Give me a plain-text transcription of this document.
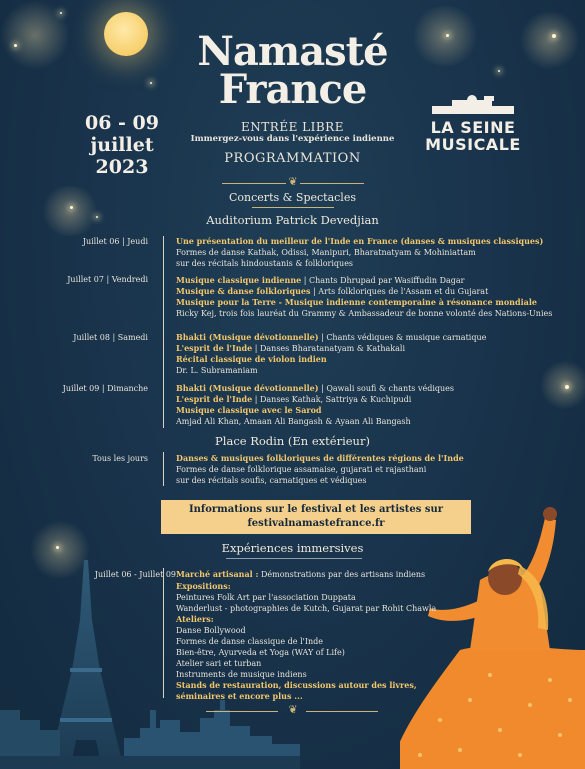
Namasté
France
06 - 09
juillet 2023
ENTRÉE LIBRE
Immergez-vous dans l'expérience indienne
PROGRAMMATION
LA SEINE
MUSICALE
❦
Concerts & Spectacles
Auditorium Patrick Devedjian
Juillet 06 | Jeudi	Une présentation du meilleur de l'Inde en France (danses & musiques classiques)
Formes de danse Kathak, Odissi, Manipuri, Bharatnatyam & Mohiniattam
sur des récitals hindoustanis & folkloriques
Juillet 07 | Vendredi	Musique classique indienne | Chants Dhrupad par Wasiffudin Dagar
Musique & danse folkloriques | Arts folkloriques de l'Assam et du Gujarat
Musique pour la Terre - Musique indienne contemporaine à résonance mondiale
Ricky Kej, trois fois lauréat du Grammy & Ambassadeur de bonne volonté des Nations-Unies
Juillet 08 | Samedi	Bhakti (Musique dévotionnelle) | Chants védiques & musique carnatique
L'esprit de l'Inde | Danses Bharatanatyam & Kathakali
Récital classique de violon indien
Dr. L. Subramaniam
Juillet 09 | Dimanche	Bhakti (Musique dévotionnelle) | Qawali soufi & chants védiques
L'esprit de l'Inde | Danses Kathak, Sattriya & Kuchipudi
Musique classique avec le Sarod
Amjad Ali Khan, Amaan Ali Bangash & Ayaan Ali Bangash
Place Rodin (En extérieur)
Tous les jours	Danses & musiques folkloriques de différentes régions de l'Inde
Formes de danse folklorique assamaise, gujarati et rajasthani
sur des récitals soufis, carnatiques et védiques
Informations sur le festival et les artistes sur
festivalnamastefrance.fr
Expériences immersives
Juillet 06 - Juillet 09 Marché artisanal : Démonstrations par des artisans indiens
Expositions:
Peintures Folk Art par l'association Duppata
Wanderlust - photographies de Kutch, Gujarat par Rohit Chawla
Ateliers:
Danse Bollywood
Formes de danse classique de l'Inde
Bien-être, Ayurveda et Yoga (WAY of Life)
Atelier sari et turban
Instruments de musique indiens
Stands de restauration, discussions autour des livres,
séminaires et encore plus ...
❦
